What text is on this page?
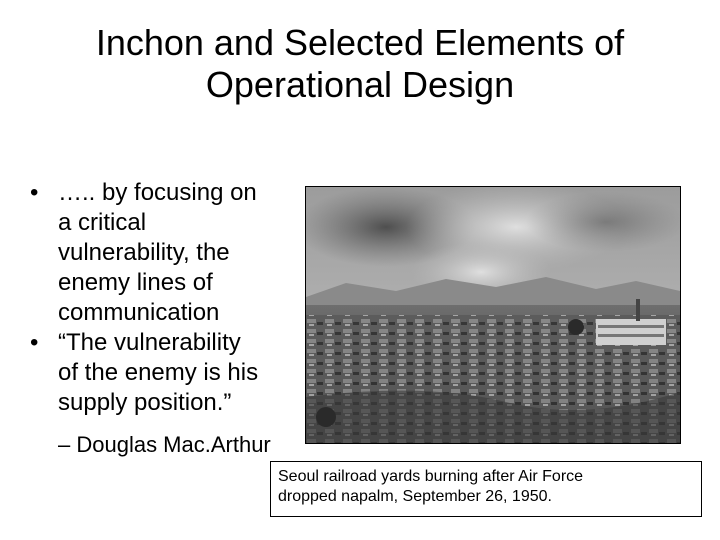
Inchon and Selected Elements of
Operational Design
• ….. by focusing on
a critical
vulnerability, the
enemy lines of
communication
• “The vulnerability
of the enemy is his
supply position.”
– Douglas Mac.Arthur
Seoul railroad yards burning after Air Force
dropped napalm, September 26, 1950.
